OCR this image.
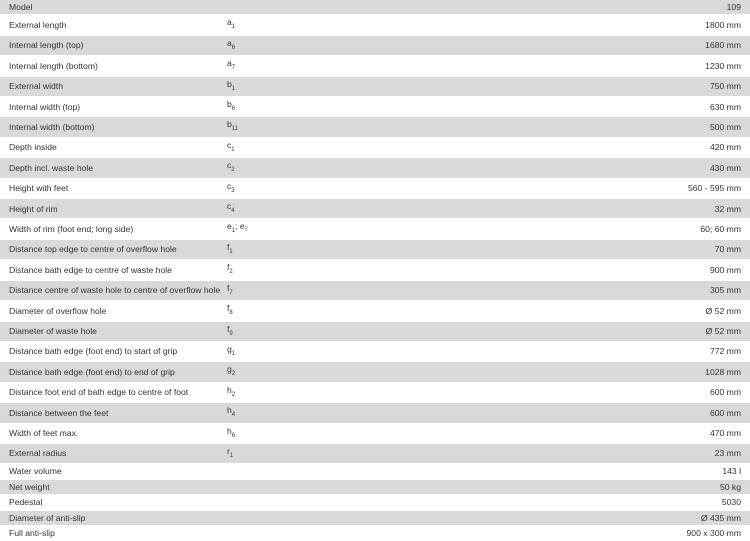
Model		109
External length	$a_1$	1800 mm
Internal length (top)	$a_6$	1680 mm
Internal length (bottom)	$a_7$	1230 mm
External width	$b_1$	750 mm
Internal width (top)	$b_6$	630 mm
Internal width (bottom)	$b_{11}$	500 mm
Depth inside	$c_1$	420 mm
Depth incl. waste hole	$c_2$	430 mm
Height with feet	$c_3$	560 - 595 mm
Height of rim	$c_4$	32 mm
Width of rim (foot end; long side)	$e_1$; e₂	60; 60 mm
Distance top edge to centre of overflow hole	$f_1$	70 mm
Distance bath edge to centre of waste hole	$f_2$	900 mm
Distance centre of waste hole to centre of overflow hole	$f_7$	305 mm
Diameter of overflow hole	$f_8$	Ø 52 mm
Diameter of waste hole	$f_9$	Ø 52 mm
Distance bath edge (foot end) to start of grip	$g_1$	772 mm
Distance bath edge (foot end) to end of grip	$g_2$	1028 mm
Distance foot end of bath edge to centre of foot	$h_2$	600 mm
Distance between the feet	$h_4$	600 mm
Width of feet max.	$h_6$	470 mm
External radius	$r_1$	23 mm
Water volume		143 l
Net weight		50 kg
Pedestal		5030
Diameter of anti-slip		Ø 435 mm
Full anti-slip		900 x 300 mm
